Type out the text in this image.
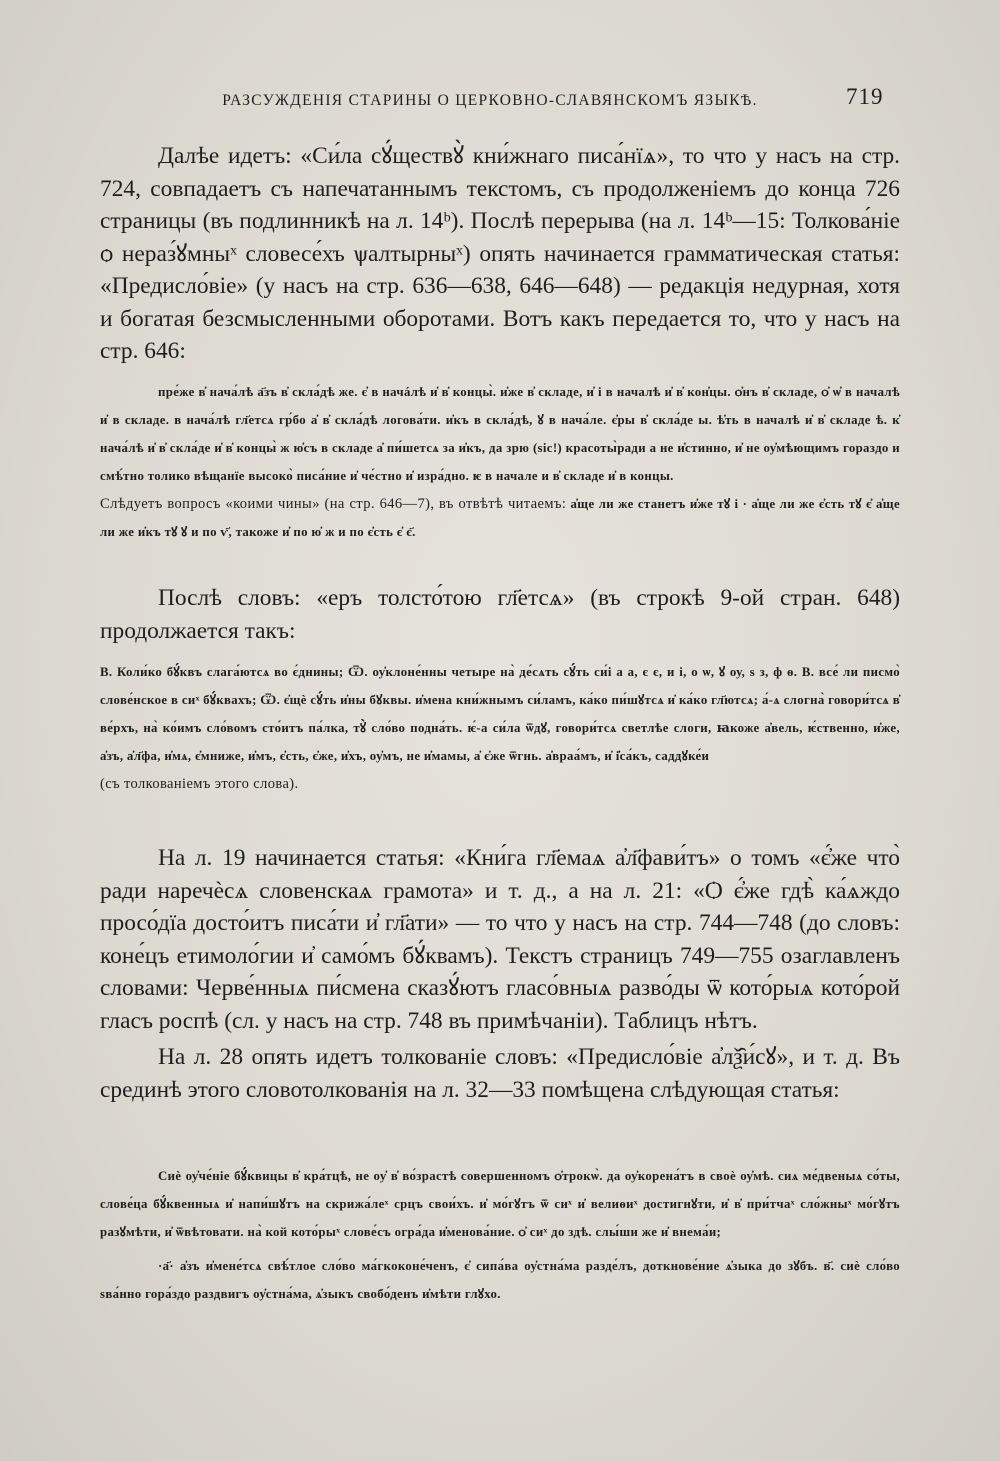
РАЗСУЖДЕНІЯ СТАРИНЫ О ЦЕРКОВНО-СЛАВЯНСКОМЪ ЯЗЫКѢ.	719

Далѣе идетъ: «Си́ла сꙋ́ществꙋ̀ кни́жнаго писа́нїѧ», то что у насъ на стр. 724, совпадаетъ съ напечатаннымъ текстомъ, съ продолженіемъ до конца 726 страницы (въ подлинникѣ на л. 14ᵇ). Послѣ перерыва (на л. 14ᵇ—15: Толкова́ніе ѻ нераз́ꙋмныˣ словесе́хъ ѱалтырныˣ) опять начинается грамматическая статья: «Предисло́віе» (у насъ на стр. 636—638, 646—648) — редакція недурная, хотя и богатая безсмысленными оборотами. Вотъ какъ передается то, что у насъ на стр. 646:

пре́же в̓ нача́лѣ а҃зъ в̓ скла́дѣ же. є̓ в начáлѣ и̓ в̓ концы̀. и̓же в̓ складе, и̓ і в началѣ и̓ в̓ кон҆цы. ѻ̓нъ в̓ складе, ѻ̓ ѡ̓ в началѣ и̓ в складе. в нача́лѣ гл҃етсѧ гр́бо а̓ в̓ скла́дѣ логова́ти. и̓къ в скла́дѣ, ꙋ в нача́ле. є̓ры в̓ скла́де ы. ѣ̓ть в началѣ и̓ в̓ складе ѣ. к̓ нача́лѣ и̓ в̓ скла́де и̓ в̓ концы̀ ж ю̓съ в складе а̓ пи́шетсѧ за и̓къ, да зрю (sic!) красоты̀ради а не и̓стинно, и̓ не оу̓мѣющимъ гораздо и смѣ́тно толико вѣщанїе высоко̀ писа́ние и̓ че́стно и̓ изра́дно. ѥ в начале и в̓ складе и̓ в концы.

Слѣдуетъ вопросъ «коими чины» (на стр. 646—7), въ отвѣтѣ читаемъ: а̓ще ли же станетъ и̓же тꙋ і · а̓ще ли же є̓сть тꙋ є̓ а̓ще ли же и̓къ тꙋ ꙋ и по ѵ҃, такоже и̓ по ю̓ ж и по є̓сть є̓ є҃.

Послѣ словъ: «еръ толсто́тою гл҃етсѧ» (въ строкѣ 9-ой стран. 648) продолжается такъ:

В. Коли́ко бꙋ́квъ слага́ютсѧ во є́днины; Ѿ. оу̓клоне́нны четыре на̀ де́сѧть сꙋ́ть си́і а а, є є, и і, о ѡ, ꙋ оу, ѕ з, ф ѳ. В. все́ ли писмо̀ слове́нское в сиˣ бꙋ́квахъ; Ѿ. є̓щѐ сꙋ́ть и̓ны бꙋквы. и̓мена кни́жнымъ си́ламъ, ка́ко пи́шꙋтсѧ и̓ ка́ко гл҃ютсѧ; а́-ѧ слогна̀ говори́тсѧ в̓ ве́рхъ, на̀ ко́имъ сло́вомъ сто́итъ па́лка, тꙋ̀ сло́во подна́ть. ѥ́-а си́ла ѿдꙋ, говори́тсѧ светлѣе слоги, ꙗкоже а̓вель, ѥ́ственно, и̓же, а̓зъ, а̓л҃фа, и̓мѧ, є̓мниже, и̓мъ, є̓сть, є̓же, и̓хъ, оу̓мъ, не и̓мамы, а̓ є̓же ѿгнь. а̓враа́мъ, и̓ і̓са́къ, саддꙋке́и

(съ толкованіемъ этого слова).

На л. 19 начинается статья: «Кни́га гл҃емаѧ а̓л҃фави́тъ» о томъ «є̓́же что̀ ради наречѐсѧ словенскаѧ грамота» и т. д., а на л. 21: «Ѻ є̓́же гдѣ̀ ка́ѧждо просо́дїа досто́итъ писа́ти и̓ гл҃ати» — то что у насъ на стр. 744—748 (до словъ: коне́цъ етимоло́гии и̓ само́мъ бꙋ́квамъ). Текстъ страницъ 749—755 озаглавленъ словами: Черве́нныѧ пи́смена сказꙋ́ютъ гласо́вныѧ разво́ды ѿ кото́рыѧ кото́рой гласъ роспѣ (сл. у насъ на стр. 748 въ примѣчаніи). Таблицъ нѣтъ.

На л. 28 опять идетъ толкованіе словъ: «Предисло́віе а̓лѯ̑и́сꙋ», и т. д. Въ срединѣ этого словотолкованія на л. 32—33 помѣщена слѣдующая статья:

Сиѐ оу̓че́ніе бꙋ́квицы в̓ кра́тцѣ, не оу̓ в̓ во́зрастѣ совершенномъ ѻ̓трокѡ̀. да оу̓корена́тъ в своѐ оу̓мѣ. сиѧ ме́двеныѧ со́ты, слове́ца бꙋ́квенныѧ и̓ напи́шꙋтъ на скрижа́леˣ срцъ свои́хъ. и̓ мо́гꙋтъ ѿ сиˣ и̓ велиѳиˣ достигнꙋти, и̓ в̓ при́тчаˣ сло́жныˣ мо́гꙋтъ разꙋмѣти, и̓ ѿвѣтовати. на̀ кой кото́рыˣ слове́съ огра́да и̓менова́ние. ѻ̓ сиˣ до здѣ. слы́ши же и̓ внема́и;

·а҃· а̓зъ и̓мене́тсѧ свѣ́тлое сло́во ма́гкоконе́ченъ, є̓ сипа́ва оу̓стна́ма разде́лъ, доткнове́ние ѧ̓зыка до зꙋбъ. в҃. сиѐ сло́во ѕва́нно гора́здо раздвигъ оу̓стна́ма, ѧ̓зыкъ свобо́денъ и̓мѣти глꙋхо.
